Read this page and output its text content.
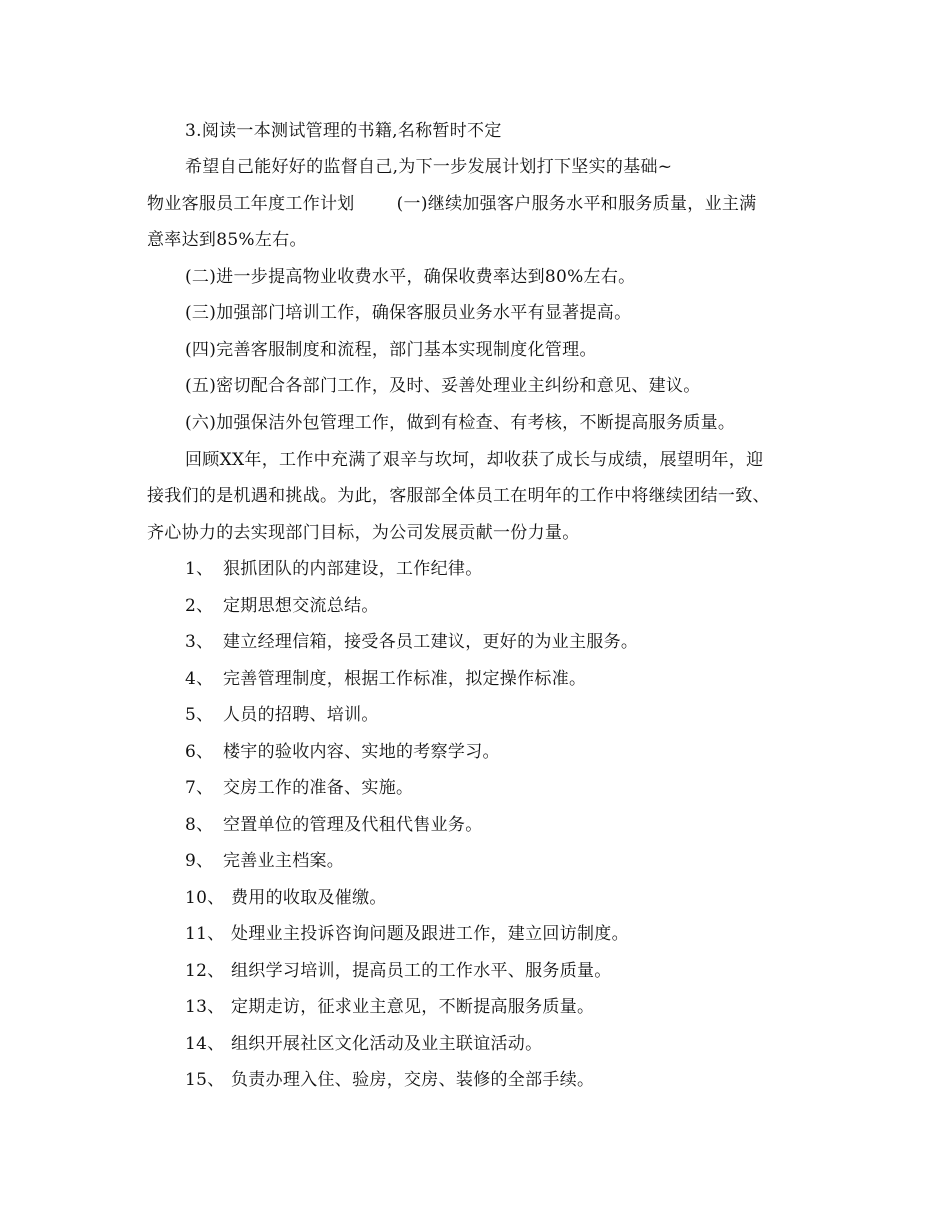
3.阅读一本测试管理的书籍,名称暂时不定
希望自己能好好的监督自己,为下一步发展计划打下坚实的基础~
物业客服员工年度工作计划 (一)继续加强客户服务水平和服务质量，业主满
意率达到85%左右。
(二)进一步提高物业收费水平，确保收费率达到80%左右。
(三)加强部门培训工作，确保客服员业务水平有显著提高。
(四)完善客服制度和流程，部门基本实现制度化管理。
(五)密切配合各部门工作，及时、妥善处理业主纠纷和意见、建议。
(六)加强保洁外包管理工作，做到有检查、有考核，不断提高服务质量。
回顾XX年，工作中充满了艰辛与坎坷，却收获了成长与成绩，展望明年，迎
接我们的是机遇和挑战。为此，客服部全体员工在明年的工作中将继续团结一致、
齐心协力的去实现部门目标，为公司发展贡献一份力量。
1、 狠抓团队的内部建设，工作纪律。
2、 定期思想交流总结。
3、 建立经理信箱，接受各员工建议，更好的为业主服务。
4、 完善管理制度，根据工作标准，拟定操作标准。
5、 人员的招聘、培训。
6、 楼宇的验收内容、实地的考察学习。
7、 交房工作的准备、实施。
8、 空置单位的管理及代租代售业务。
9、 完善业主档案。
10、 费用的收取及催缴。
11、 处理业主投诉咨询问题及跟进工作，建立回访制度。
12、 组织学习培训，提高员工的工作水平、服务质量。
13、 定期走访，征求业主意见，不断提高服务质量。
14、 组织开展社区文化活动及业主联谊活动。
15、 负责办理入住、验房，交房、装修的全部手续。
